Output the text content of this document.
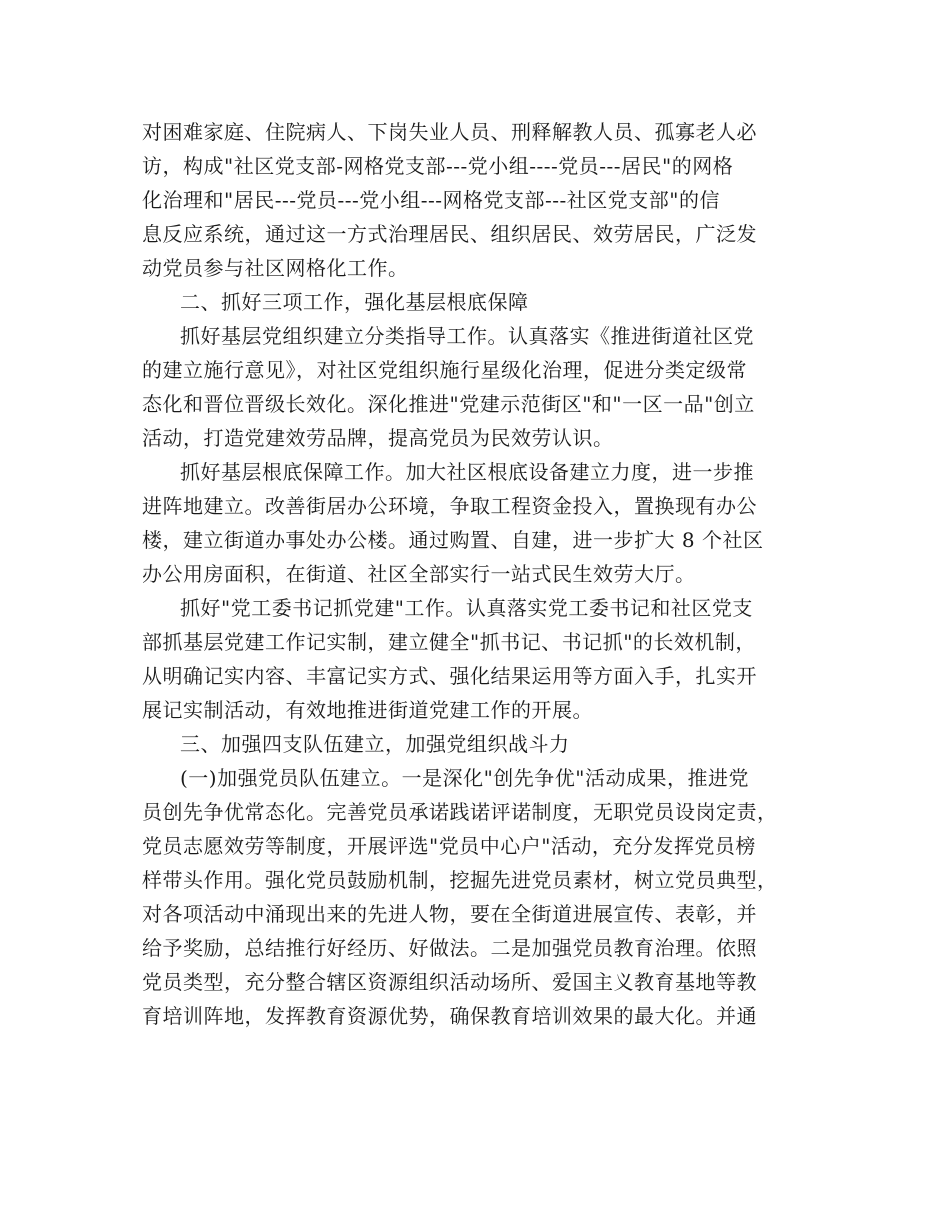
对困难家庭、住院病人、下岗失业人员、刑释解教人员、孤寡老人必
访，构成"社区党支部-网格党支部---党小组----党员---居民"的网格
化治理和"居民---党员---党小组---网格党支部---社区党支部"的信
息反应系统，通过这一方式治理居民、组织居民、效劳居民，广泛发
动党员参与社区网格化工作。
二、抓好三项工作，强化基层根底保障
抓好基层党组织建立分类指导工作。认真落实《推进街道社区党
的建立施行意见》，对社区党组织施行星级化治理，促进分类定级常
态化和晋位晋级长效化。深化推进"党建示范街区"和"一区一品"创立
活动，打造党建效劳品牌，提高党员为民效劳认识。
抓好基层根底保障工作。加大社区根底设备建立力度，进一步推
进阵地建立。改善街居办公环境，争取工程资金投入，置换现有办公
楼，建立街道办事处办公楼。通过购置、自建，进一步扩大 8 个社区
办公用房面积，在街道、社区全部实行一站式民生效劳大厅。
抓好"党工委书记抓党建"工作。认真落实党工委书记和社区党支
部抓基层党建工作记实制，建立健全"抓书记、书记抓"的长效机制，
从明确记实内容、丰富记实方式、强化结果运用等方面入手，扎实开
展记实制活动，有效地推进街道党建工作的开展。
三、加强四支队伍建立，加强党组织战斗力
(一)加强党员队伍建立。一是深化"创先争优"活动成果，推进党
员创先争优常态化。完善党员承诺践诺评诺制度，无职党员设岗定责，
党员志愿效劳等制度，开展评选"党员中心户"活动，充分发挥党员榜
样带头作用。强化党员鼓励机制，挖掘先进党员素材，树立党员典型，
对各项活动中涌现出来的先进人物，要在全街道进展宣传、表彰，并
给予奖励，总结推行好经历、好做法。二是加强党员教育治理。依照
党员类型，充分整合辖区资源组织活动场所、爱国主义教育基地等教
育培训阵地，发挥教育资源优势，确保教育培训效果的最大化。并通
